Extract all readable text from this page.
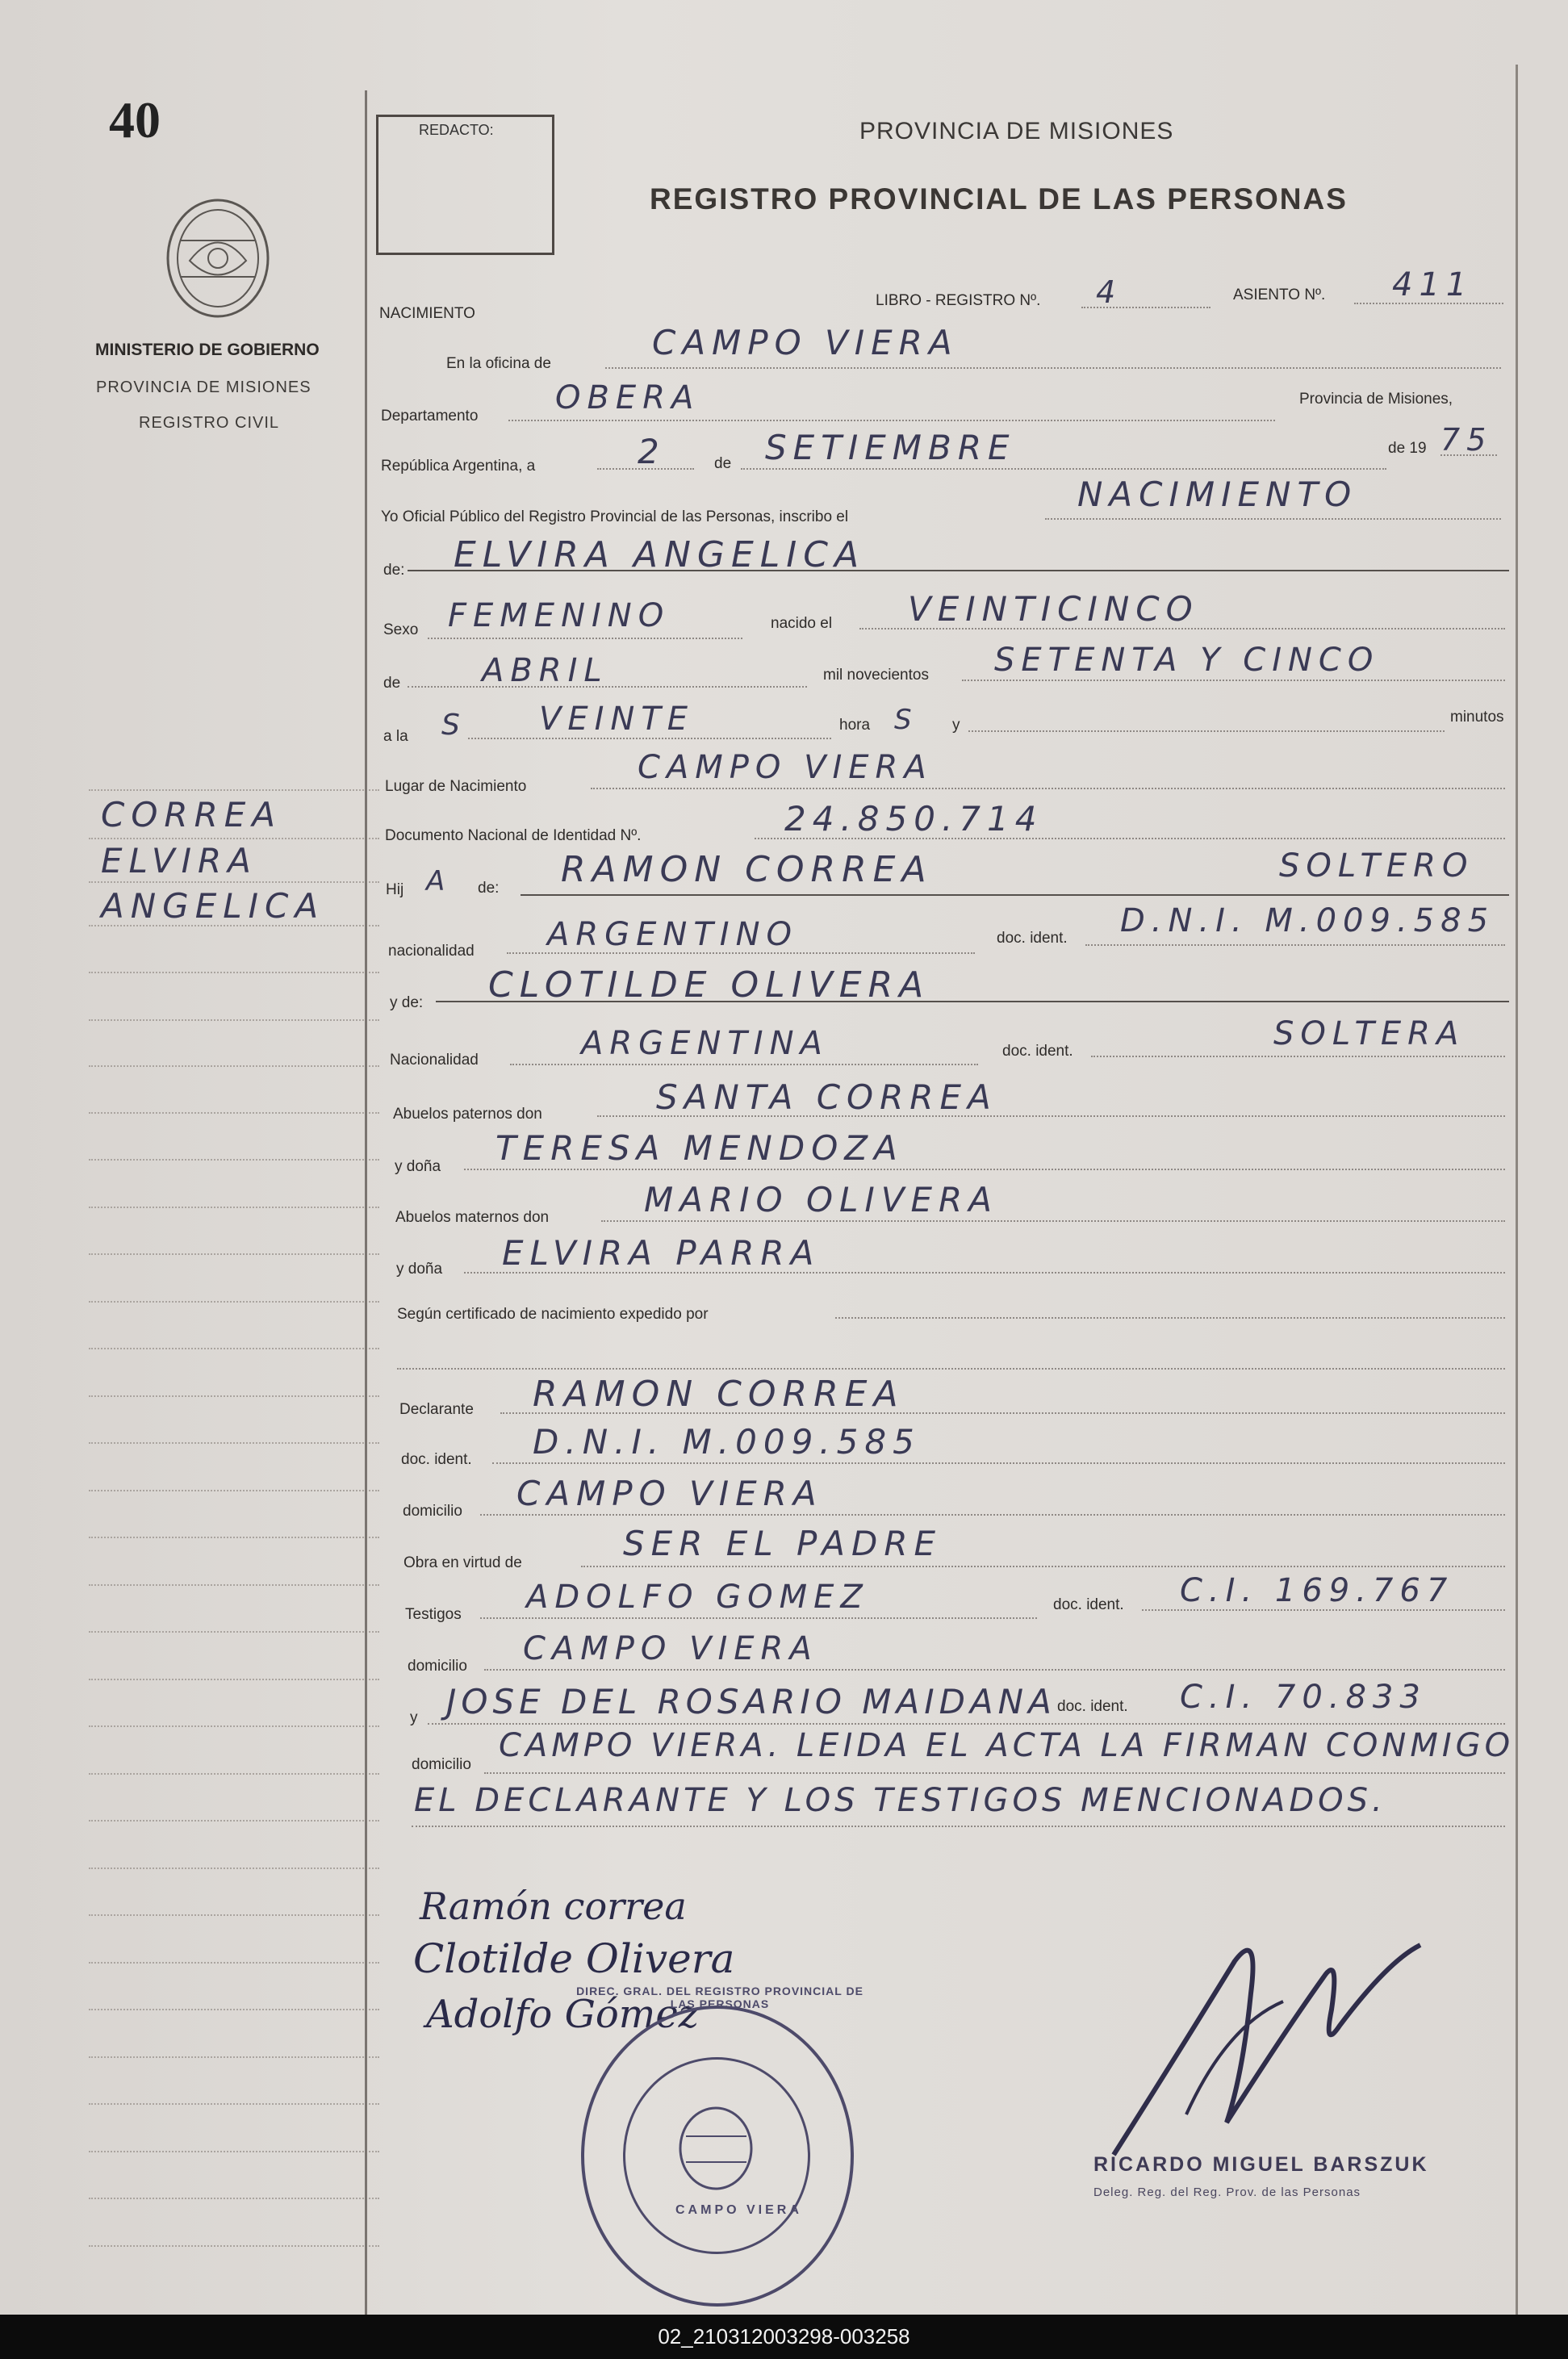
40
MINISTERIO DE GOBIERNO
PROVINCIA DE MISIONES
REGISTRO CIVIL
CORREA
ELVIRA
ANGELICA
REDACTO:	PROVINCIA DE MISIONES
REGISTRO PROVINCIAL DE LAS PERSONAS
NACIMIENTO
LIBRO - REGISTRO Nº. 4	ASIENTO Nº. 411
En la oficina de
CAMPO VIERA
Departamento OBERA	Provincia de Misiones,
República Argentina, a	2	de SETIEMBRE	de 19 75
Yo Oficial Público del Registro Provincial de las Personas, inscribo el
NACIMIENTO
de: ELVIRA ANGELICA
Sexo FEMENINO	nacido el VEINTICINCO
de	ABRIL	mil novecientos SETENTA Y CINCO
a la S VEINTE	hora S y	minutos
Lugar de Nacimiento
CAMPO VIERA
Documento Nacional de Identidad Nº.	24.850.714
Hij A de: RAMON CORREA	SOLTERO
nacionalidad ARGENTINO	doc. ident. D.N.I. M.009.585
y de: CLOTILDE OLIVERA
Nacionalidad	ARGENTINA	doc. ident.	SOLTERA
Abuelos paternos don	SANTA CORREA
y doña TERESA MENDOZA
Abuelos maternos don	MARIO OLIVERA
y doña ELVIRA PARRA
Según certificado de nacimiento expedido por
Declarante RAMON CORREA
doc. ident. D.N.I. M.009.585
domicilio CAMPO VIERA
Obra en virtud de	SER EL PADRE
Testigos ADOLFO GOMEZ	doc. ident. C.I. 169.767
domicilio CAMPO VIERA
y JOSE DEL ROSARIO MAIDANA doc. ident. C.I. 70.833
domicilio
CAMPO VIERA. LEIDA EL ACTA LA FIRMAN CONMIGO
EL DECLARANTE Y LOS TESTIGOS MENCIONADOS.
Ramón correa
Clotilde Olivera
Adolfo Gómez
CAMPO VIERA
DIREC. GRAL. DEL REGISTRO PROVINCIAL DE LAS PERSONAS
RICARDO MIGUEL BARSZUK
Deleg. Reg. del Reg. Prov. de las Personas
02_210312003298-003258
